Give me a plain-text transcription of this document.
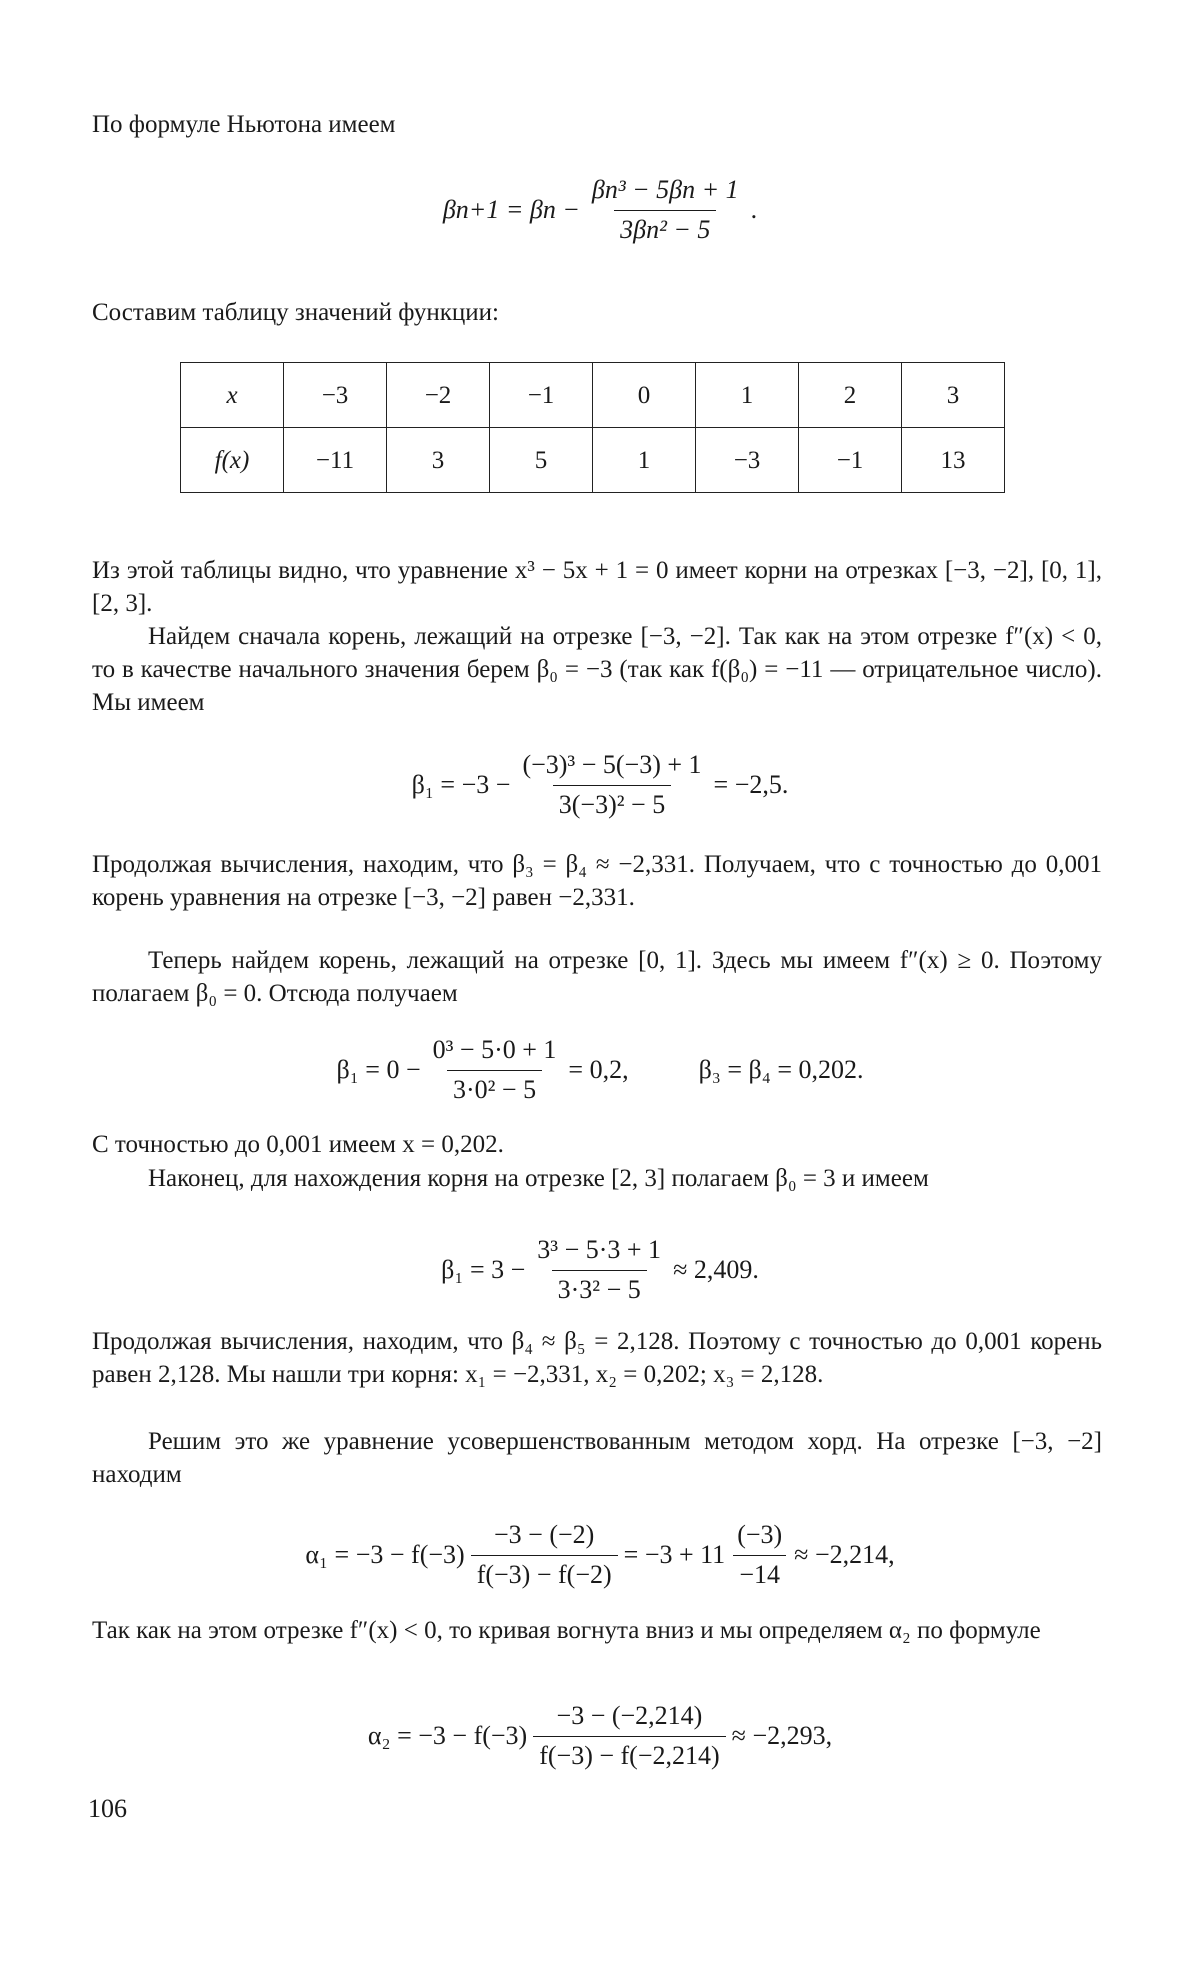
По формуле Ньютона имеем

$\beta n+1 = \beta n - \frac{\text{βn³ − 5βn + 1}}{\text{3βn² − 5}}$ .

Составим таблицу значений функции:

x	−3	−2	−1	0	1	2	3
f(x)	−11	3	5	1	−3	−1	13

Из этой таблицы видно, что уравнение x³ − 5x + 1 = 0 имеет корни на отрезках [−3, −2], [0, 1], [2, 3].

Найдем сначала корень, лежащий на отрезке [−3, −2]. Так как на этом отрезке f″(x) < 0, то в качестве начального значения берем β₀ = −3 (так как f(β₀) = −11 — отрицательное число). Мы имеем

$\beta_1 = -3 - \frac{\text{(−3)³ − 5(−3) + 1}}{\text{3(−3)² − 5}} = -2,5$.

Продолжая вычисления, находим, что β₃ = β₄ ≈ −2,331. Получаем, что с точностью до 0,001 корень уравнения на отрезке [−3, −2] равен −2,331.

Теперь найдем корень, лежащий на отрезке [0, 1]. Здесь мы имеем f″(x) ≥ 0. Поэтому полагаем β₀ = 0. Отсюда получаем

$\beta_1 = 0 - \frac{\text{0³ − 5·0 + 1}}{\text{3·0² − 5}} = 0,2$,	β₃ = β₄ = 0,202.

С точностью до 0,001 имеем x = 0,202.

Наконец, для нахождения корня на отрезке [2, 3] полагаем β₀ = 3 и имеем

$\beta_1 = 3 - \frac{\text{3³ − 5·3 + 1}}{\text{3·3² − 5}} \approx 2,409$.

Продолжая вычисления, находим, что β₄ ≈ β₅ = 2,128. Поэтому с точностью до 0,001 корень равен 2,128. Мы нашли три корня: x₁ = −2,331, x₂ = 0,202; x₃ = 2,128.

Решим это же уравнение усовершенствованным методом хорд. На отрезке [−3, −2] находим

$\alpha_1 = -3 - f(-3) \frac{-3 - (-2)}{f(-3) - f(-2)} = -3 + 11 \frac{(-3)}{-14} \approx -2,214$,

Так как на этом отрезке f″(x) < 0, то кривая вогнута вниз и мы определяем α₂ по формуле

$\alpha_2 = -3 - f(-3) \frac{-3 - (-2,214)}{f(-3) - f(-2,214)} \approx -2,293$,
106
